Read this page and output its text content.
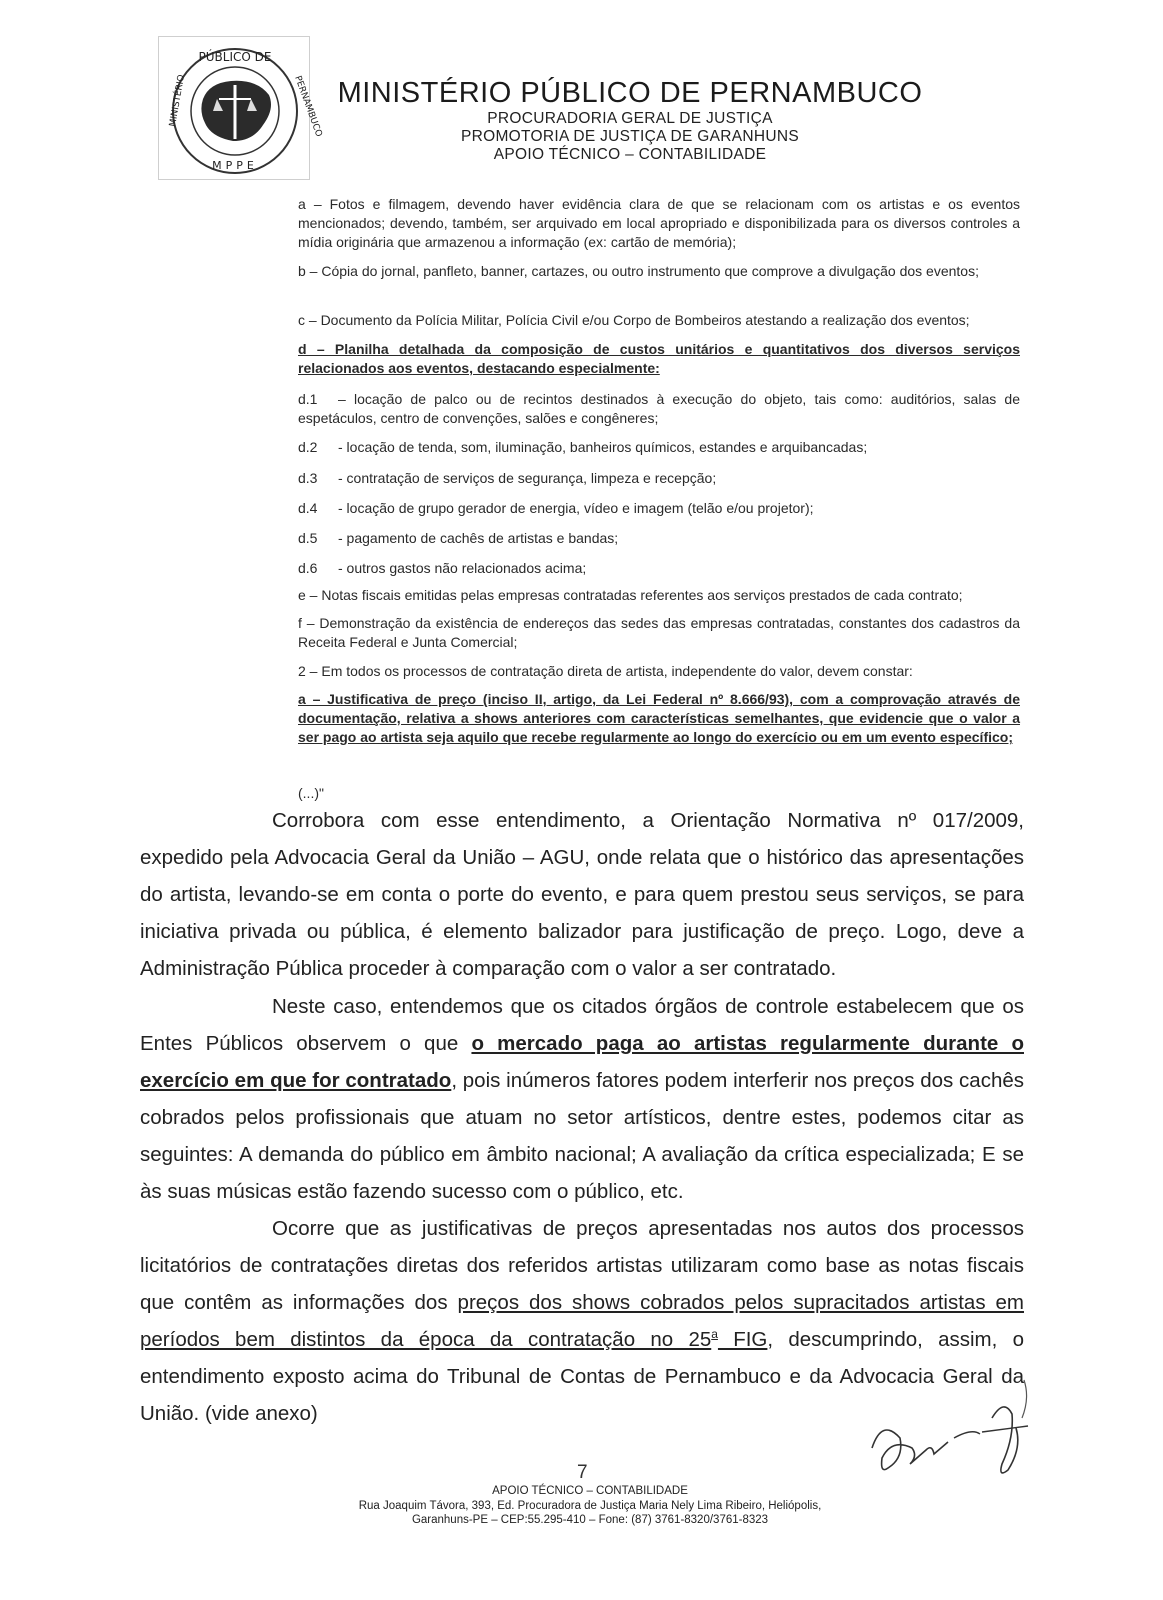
PÚBLICO DE
MINISTÉRIO	PERNAMBUCO
MPPE
MINISTÉRIO PÚBLICO DE PERNAMBUCO
PROCURADORIA GERAL DE JUSTIÇA
PROMOTORIA DE JUSTIÇA DE GARANHUNS
APOIO TÉCNICO – CONTABILIDADE

a – Fotos e filmagem, devendo haver evidência clara de que se relacionam com os artistas e os eventos mencionados; devendo, também, ser arquivado em local apropriado e disponibilizada para os diversos controles a mídia originária que armazenou a informação (ex: cartão de memória);

b – Cópia do jornal, panfleto, banner, cartazes, ou outro instrumento que comprove a divulgação dos eventos;

c – Documento da Polícia Militar, Polícia Civil e/ou Corpo de Bombeiros atestando a realização dos eventos;

d – Planilha detalhada da composição de custos unitários e quantitativos dos diversos serviços relacionados aos eventos, destacando especialmente:

d.1 – locação de palco ou de recintos destinados à execução do objeto, tais como: auditórios, salas de espetáculos, centro de convenções, salões e congêneres;

d.2 - locação de tenda, som, iluminação, banheiros químicos, estandes e arquibancadas;

d.3 - contratação de serviços de segurança, limpeza e recepção;

d.4 - locação de grupo gerador de energia, vídeo e imagem (telão e/ou projetor);

d.5 - pagamento de cachês de artistas e bandas;

d.6 - outros gastos não relacionados acima;

e – Notas fiscais emitidas pelas empresas contratadas referentes aos serviços prestados de cada contrato;

f – Demonstração da existência de endereços das sedes das empresas contratadas, constantes dos cadastros da Receita Federal e Junta Comercial;

2 – Em todos os processos de contratação direta de artista, independente do valor, devem constar:

a – Justificativa de preço (inciso II, artigo, da Lei Federal nº 8.666/93), com a comprovação através de documentação, relativa a shows anteriores com características semelhantes, que evidencie que o valor a ser pago ao artista seja aquilo que recebe regularmente ao longo do exercício ou em um evento específico;

(...)"

Corrobora com esse entendimento, a Orientação Normativa nº 017/2009, expedido pela Advocacia Geral da União – AGU, onde relata que o histórico das apresentações do artista, levando-se em conta o porte do evento, e para quem prestou seus serviços, se para iniciativa privada ou pública, é elemento balizador para justificação de preço. Logo, deve a Administração Pública proceder à comparação com o valor a ser contratado.

Neste caso, entendemos que os citados órgãos de controle estabelecem que os Entes Públicos observem o que o mercado paga ao artistas regularmente durante o exercício em que for contratado, pois inúmeros fatores podem interferir nos preços dos cachês cobrados pelos profissionais que atuam no setor artísticos, dentre estes, podemos citar as seguintes: A demanda do público em âmbito nacional; A avaliação da crítica especializada; E se às suas músicas estão fazendo sucesso com o público, etc.

Ocorre que as justificativas de preços apresentadas nos autos dos processos licitatórios de contratações diretas dos referidos artistas utilizaram como base as notas fiscais que contêm as informações dos preços dos shows cobrados pelos supracitados artistas em períodos bem distintos da época da contratação no 25$^a$ FIG, descumprindo, assim, o entendimento exposto acima do Tribunal de Contas de Pernambuco e da Advocacia Geral da União. (vide anexo)

7
APOIO TÉCNICO – CONTABILIDADE
Rua Joaquim Távora, 393, Ed. Procuradora de Justiça Maria Nely Lima Ribeiro, Heliópolis,
Garanhuns-PE – CEP:55.295-410 – Fone: (87) 3761-8320/3761-8323
